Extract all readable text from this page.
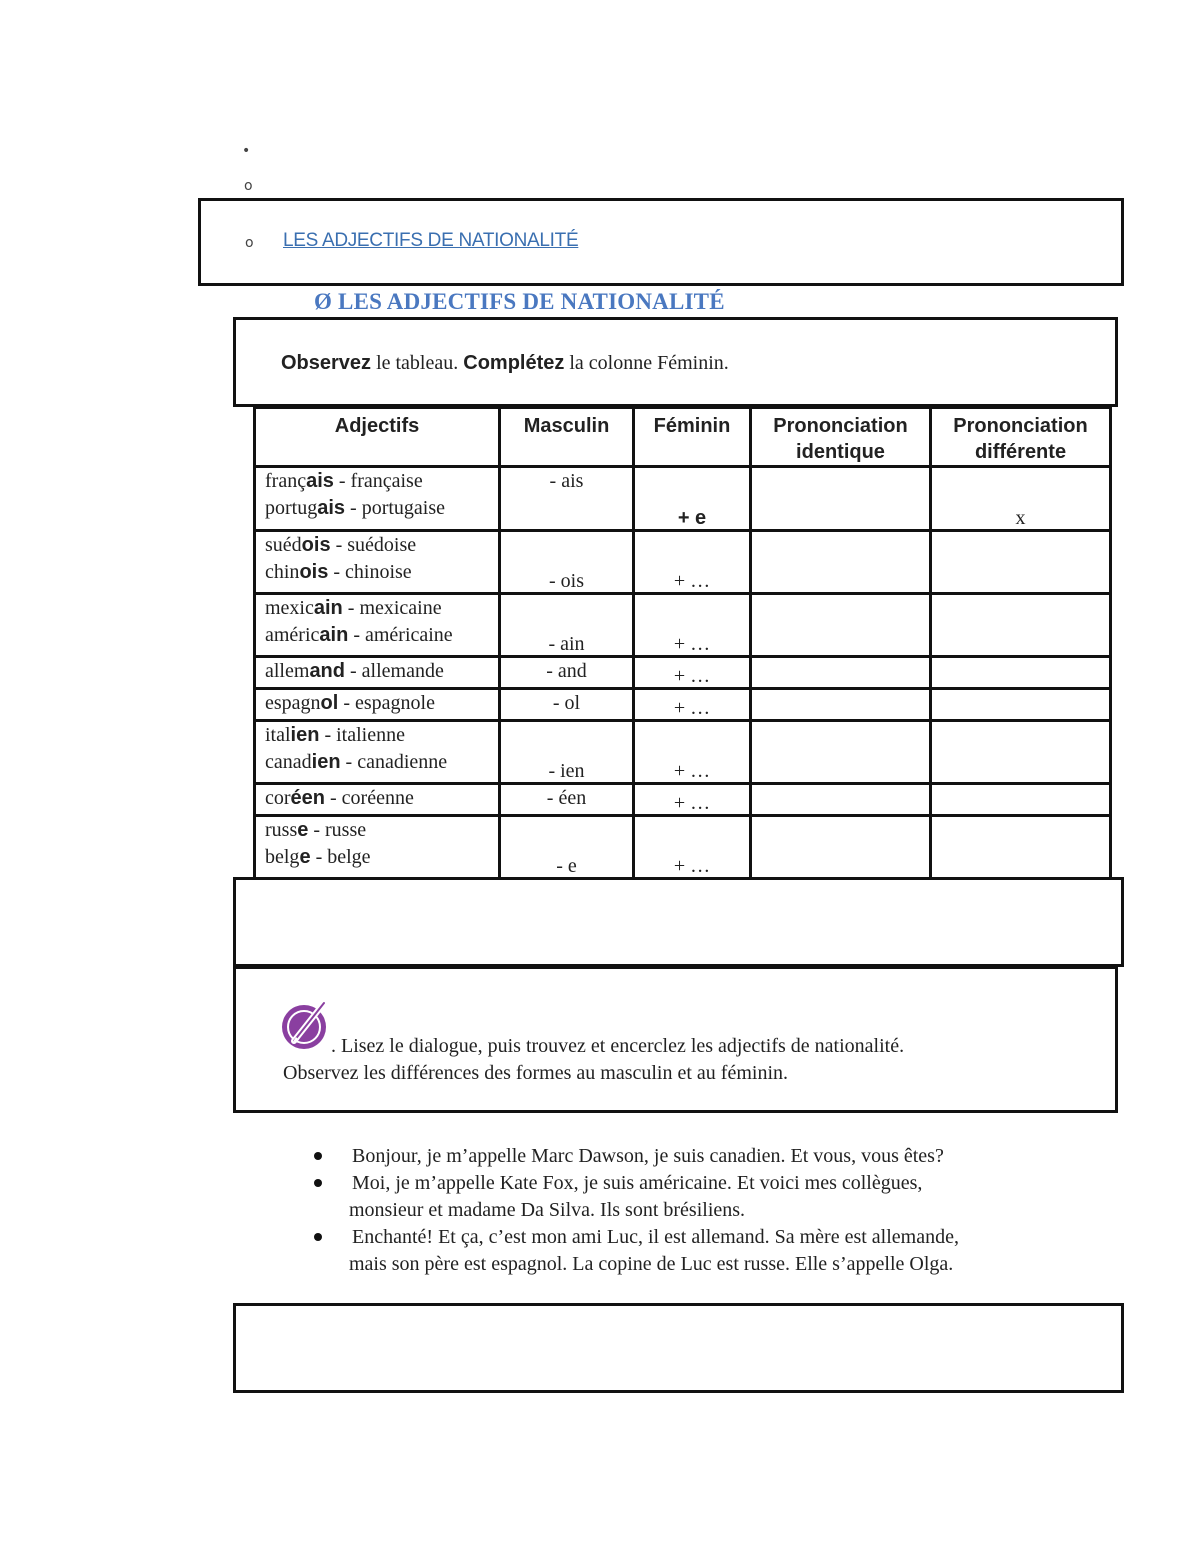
•
o
o LES ADJECTIFS DE NATIONALITÉ
Ø LES ADJECTIFS DE NATIONALITÉ
Observez le tableau. Complétez la colonne Féminin.
Adjectifs	Masculin	Féminin	Prononciation identique	Prononciation différente

français - française
portugais - portugaise	- ais	+ e		x

suédois - suédoise
chinois - chinoise	- ois	+ …		

mexicain - mexicaine
américain - américaine	- ain	+ …		

allemand - allemande	- and	+ …		

espagnol - espagnole	- ol	+ …		

italien - italienne
canadien - canadienne	- ien	+ …		

coréen - coréenne	- éen	+ …		

russe - russe
belge - belge	- e	+ …		

. Lisez le dialogue, puis trouvez et encerclez les adjectifs de nationalité.
Observez les différences des formes au masculin et au féminin.
Bonjour, je m’appelle Marc Dawson, je suis canadien. Et vous, vous êtes?
Moi, je m’appelle Kate Fox, je suis américaine. Et voici mes collègues,
monsieur et madame Da Silva. Ils sont brésiliens.
Enchanté! Et ça, c’est mon ami Luc, il est allemand. Sa mère est allemande,
mais son père est espagnol. La copine de Luc est russe. Elle s’appelle Olga.
